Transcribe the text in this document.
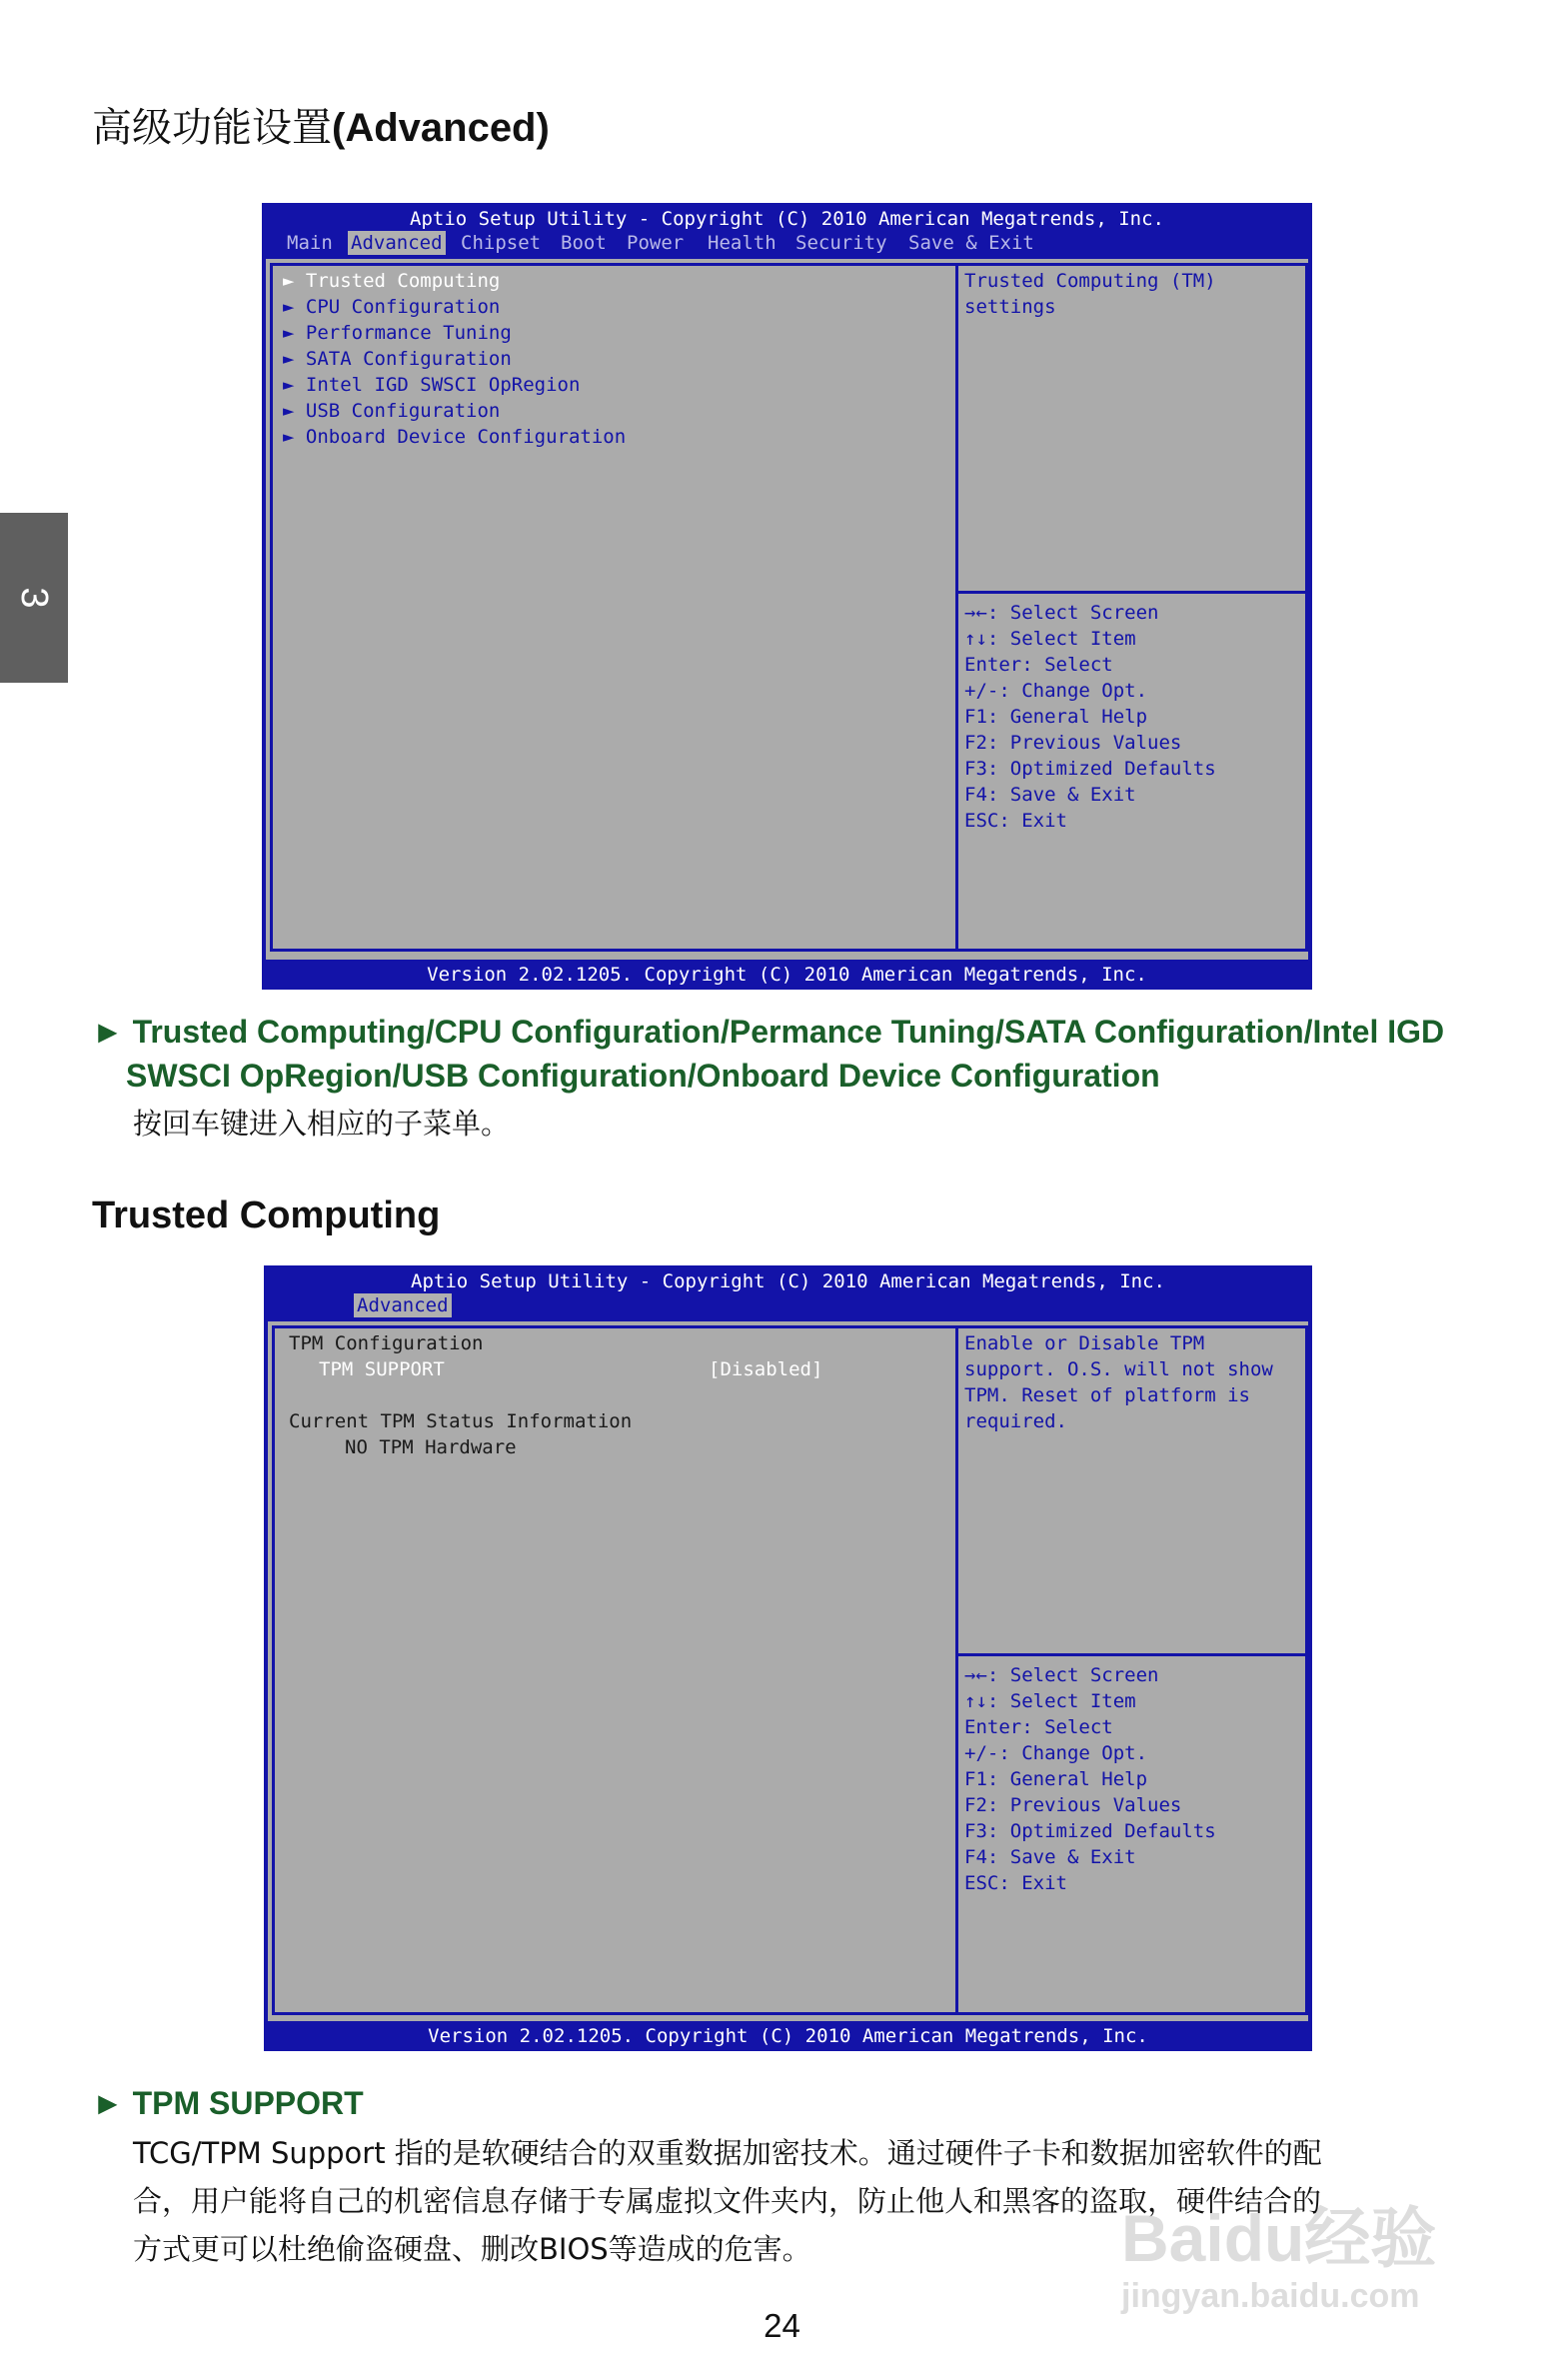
高级功能设置(Advanced)
3
Aptio Setup Utility - Copyright (C) 2010 American Megatrends, Inc.
Main Advanced Chipset Boot Power Health Security Save & Exit
► Trusted Computing
► CPU Configuration
► Performance Tuning
► SATA Configuration
► Intel IGD SWSCI OpRegion
► USB Configuration
► Onboard Device Configuration
Trusted Computing (TM)
settings
→←: Select Screen
↑↓: Select Item
Enter: Select
+/-: Change Opt.
F1: General Help
F2: Previous Values
F3: Optimized Defaults
F4: Save & Exit
ESC: Exit
Version 2.02.1205. Copyright (C) 2010 American Megatrends, Inc.
► Trusted Computing/CPU Configuration/Permance Tuning/SATA Configuration/Intel IGD
SWSCI OpRegion/USB Configuration/Onboard Device Configuration
按回车键进入相应的子菜单。
Trusted Computing
Aptio Setup Utility - Copyright (C) 2010 American Megatrends, Inc.
Advanced
TPM Configuration
TPM SUPPORT	[Disabled]
Current TPM Status Information
NO TPM Hardware
Enable or Disable TPM
support. O.S. will not show
TPM. Reset of platform is
required.
→←: Select Screen
↑↓: Select Item
Enter: Select
+/-: Change Opt.
F1: General Help
F2: Previous Values
F3: Optimized Defaults
F4: Save & Exit
ESC: Exit
Version 2.02.1205. Copyright (C) 2010 American Megatrends, Inc.
► TPM SUPPORT
TCG/TPM Support 指的是软硬结合的双重数据加密技术。通过硬件子卡和数据加密软件的配
合，用户能将自己的机密信息存储于专属虚拟文件夹内，防止他人和黑客的盗取，硬件结合的
方式更可以杜绝偷盗硬盘、删改BIOS等造成的危害。
24
Baidu经验
jingyan.baidu.com
